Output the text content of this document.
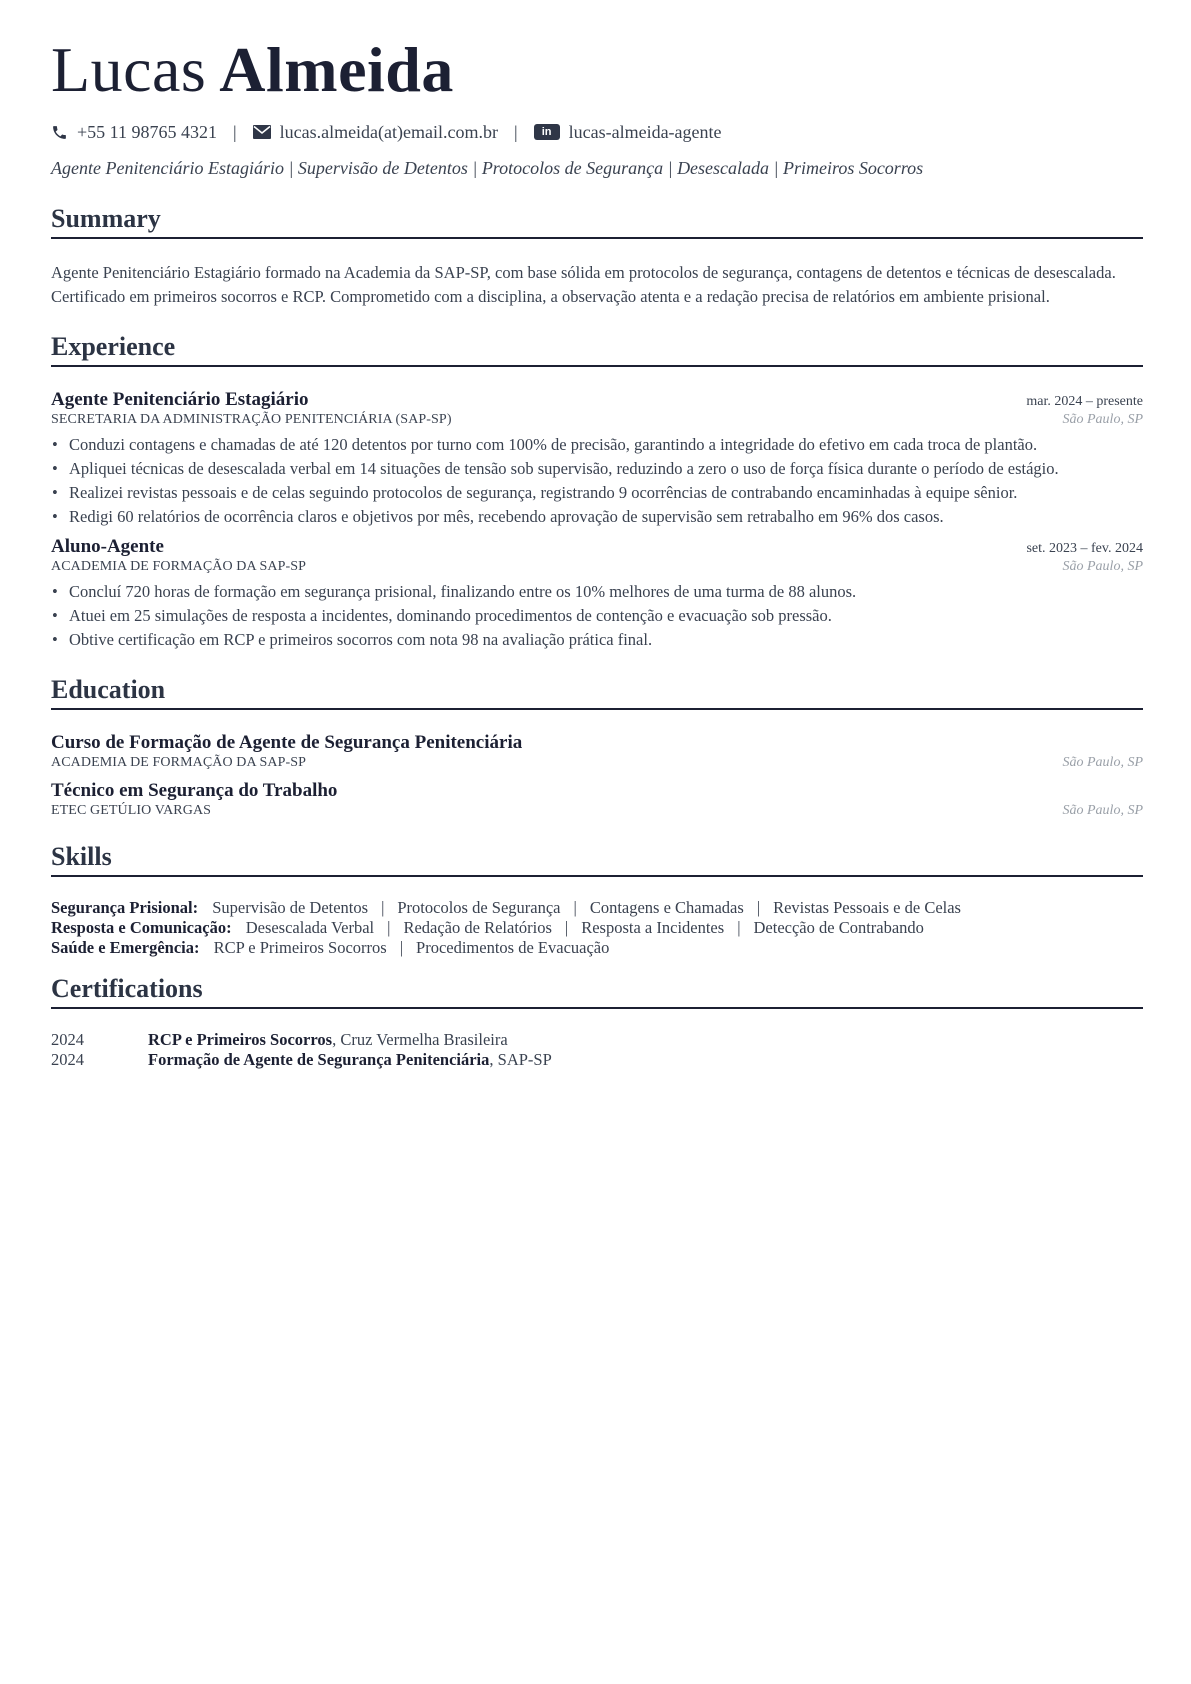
Lucas Almeida
+55 11 98765 4321 | lucas.almeida(at)email.com.br |	in lucas-almeida-agente
Agente Penitenciário Estagiário | Supervisão de Detentos | Protocolos de Segurança | Desescalada | Primeiros Socorros
Summary
Agente Penitenciário Estagiário formado na Academia da SAP-SP, com base sólida em protocolos de segurança, contagens de detentos e técnicas de desescalada. Certificado em primeiros socorros e RCP. Comprometido com a disciplina, a observação atenta e a redação precisa de relatórios em ambiente prisional.
Experience
Agente Penitenciário Estagiário	mar. 2024 – presente
SECRETARIA DA ADMINISTRAÇÃO PENITENCIÁRIA (SAP-SP)	São Paulo, SP
• Conduzi contagens e chamadas de até 120 detentos por turno com 100% de precisão, garantindo a integridade do efetivo em cada troca de plantão.
• Apliquei técnicas de desescalada verbal em 14 situações de tensão sob supervisão, reduzindo a zero o uso de força física durante o período de estágio.
• Realizei revistas pessoais e de celas seguindo protocolos de segurança, registrando 9 ocorrências de contrabando encaminhadas à equipe sênior.
• Redigi 60 relatórios de ocorrência claros e objetivos por mês, recebendo aprovação de supervisão sem retrabalho em 96% dos casos.
Aluno-Agente	set. 2023 – fev. 2024
ACADEMIA DE FORMAÇÃO DA SAP-SP	São Paulo, SP
• Concluí 720 horas de formação em segurança prisional, finalizando entre os 10% melhores de uma turma de 88 alunos.
• Atuei em 25 simulações de resposta a incidentes, dominando procedimentos de contenção e evacuação sob pressão.
• Obtive certificação em RCP e primeiros socorros com nota 98 na avaliação prática final.
Education
Curso de Formação de Agente de Segurança Penitenciária
ACADEMIA DE FORMAÇÃO DA SAP-SP	São Paulo, SP
Técnico em Segurança do Trabalho
ETEC GETÚLIO VARGAS	São Paulo, SP
Skills
Segurança Prisional: Supervisão de Detentos | Protocolos de Segurança | Contagens e Chamadas | Revistas Pessoais e de Celas
Resposta e Comunicação: Desescalada Verbal | Redação de Relatórios | Resposta a Incidentes | Detecção de Contrabando
Saúde e Emergência: RCP e Primeiros Socorros | Procedimentos de Evacuação
Certifications
2024	RCP e Primeiros Socorros, Cruz Vermelha Brasileira
2024	Formação de Agente de Segurança Penitenciária, SAP-SP
